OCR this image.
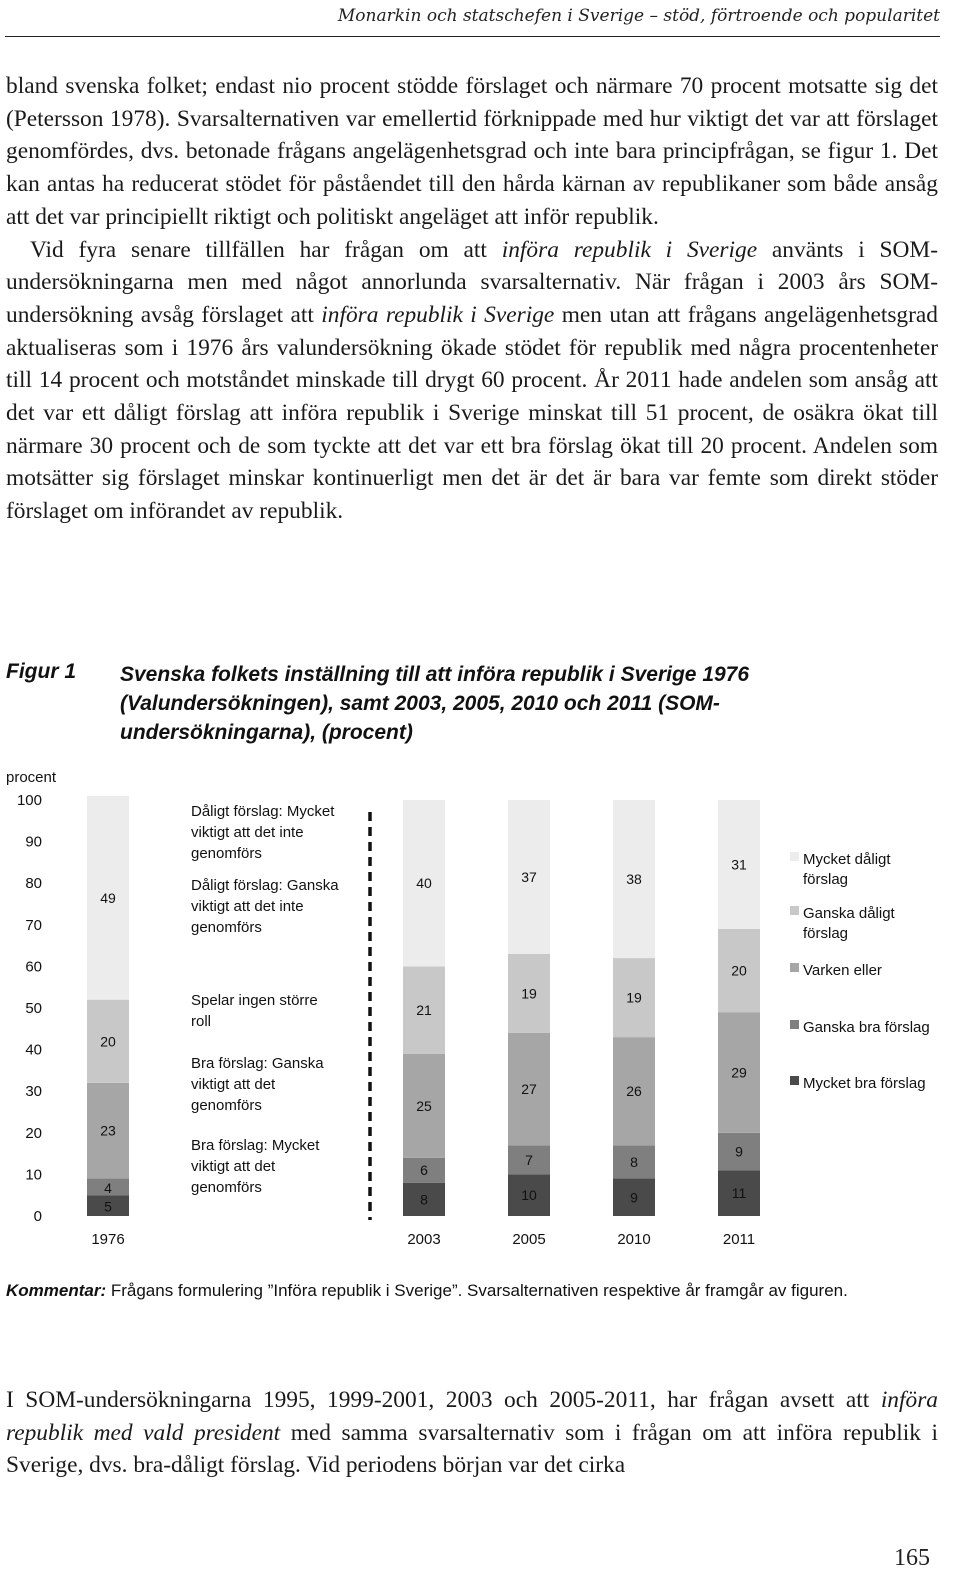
Monarkin och statschefen i Sverige – stöd, förtroende och popularitet

bland svenska folket; endast nio procent stödde förslaget och närmare 70 procent motsatte sig det (Petersson 1978). Svarsalternativen var emellertid förknippade med hur viktigt det var att förslaget genomfördes, dvs. betonade frågans angelägenhetsgrad och inte bara principfrågan, se figur 1. Det kan antas ha reducerat stödet för påståendet till den hårda kärnan av republikaner som både ansåg att det var principiellt riktigt och politiskt angeläget att inför republik.

Vid fyra senare tillfällen har frågan om att införa republik i Sverige använts i SOM-undersökningarna men med något annorlunda svarsalternativ. När frågan i 2003 års SOM-undersökning avsåg förslaget att införa republik i Sverige men utan att frågans angelägenhetsgrad aktualiseras som i 1976 års valundersökning ökade stödet för republik med några procentenheter till 14 procent och motståndet minskade till drygt 60 procent. År 2011 hade andelen som ansåg att det var ett dåligt förslag att införa republik i Sverige minskat till 51 procent, de osäkra ökat till närmare 30 procent och de som tyckte att det var ett bra förslag ökat till 20 procent. Andelen som motsätter sig förslaget minskar kontinuerligt men det är det är bara var femte som direkt stöder förslaget om införandet av republik.

Figur 1 Svenska folkets inställning till att införa republik i Sverige 1976 (Valundersökningen), samt 2003, 2005, 2010 och 2011 (SOM-undersökningarna), (procent)
procent
0
10
20
30
40
50
60
70
80
90
100
5
4
23
20
49
8
6
25
21
40
10
7
27
19
37
9
8
26
19
38
11
9
29
20
31
1976	2003	2005	2010	2011
Dåligt förslag: Mycket viktigt att det inte genomförs
Dåligt förslag: Ganska viktigt att det inte genomförs
Spelar ingen större roll
Bra förslag: Ganska viktigt att det genomförs
Bra förslag: Mycket viktigt att det genomförs
Mycket dåligt förslag
Ganska dåligt förslag
Varken eller
Ganska bra förslag
Mycket bra förslag
Kommentar: Frågans formulering ”Införa republik i Sverige”. Svarsalternativen respektive år framgår av figuren.

I SOM-undersökningarna 1995, 1999-2001, 2003 och 2005-2011, har frågan avsett att införa republik med vald president med samma svarsalternativ som i frågan om att införa republik i Sverige, dvs. bra-dåligt förslag. Vid periodens början var det cirka

165
